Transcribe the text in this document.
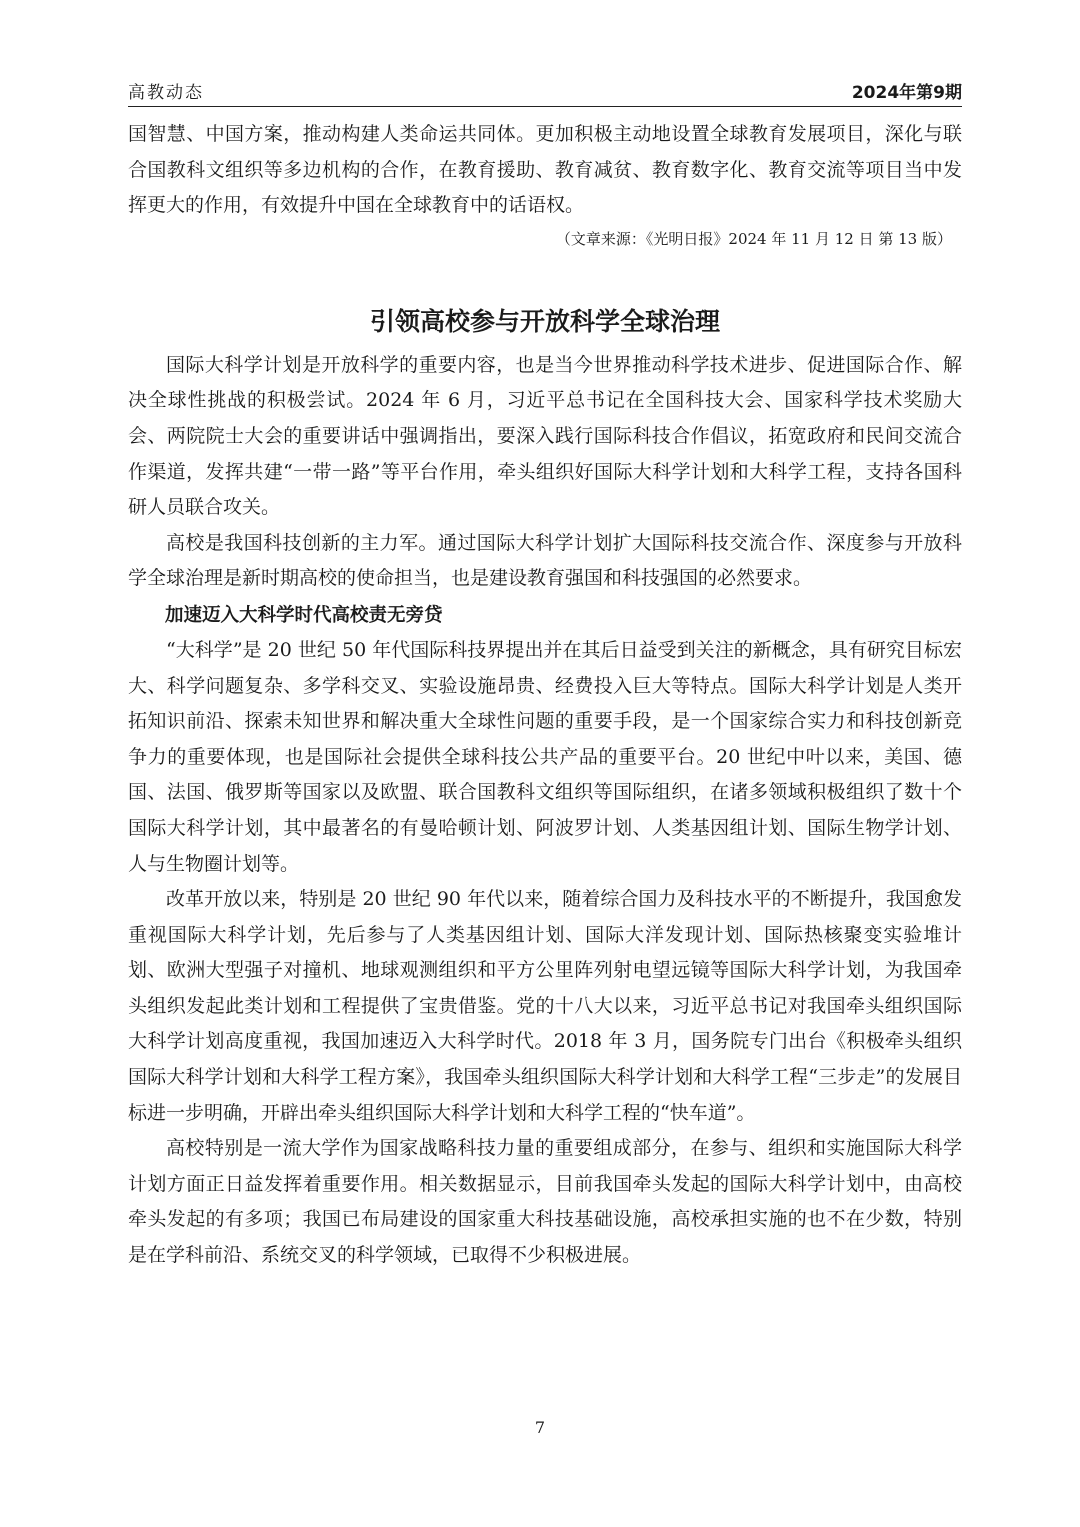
高教动态	2024年第9期

国智慧、中国方案，推动构建人类命运共同体。更加积极主动地设置全球教育发展项目，深化与联合国教科文组织等多边机构的合作，在教育援助、教育减贫、教育数字化、教育交流等项目当中发挥更大的作用，有效提升中国在全球教育中的话语权。

（文章来源：《光明日报》2024 年 11 月 12 日 第 13 版）

引领高校参与开放科学全球治理

国际大科学计划是开放科学的重要内容，也是当今世界推动科学技术进步、促进国际合作、解决全球性挑战的积极尝试。2024 年 6 月，习近平总书记在全国科技大会、国家科学技术奖励大会、两院院士大会的重要讲话中强调指出，要深入践行国际科技合作倡议，拓宽政府和民间交流合作渠道，发挥共建“一带一路”等平台作用，牵头组织好国际大科学计划和大科学工程，支持各国科研人员联合攻关。

高校是我国科技创新的主力军。通过国际大科学计划扩大国际科技交流合作、深度参与开放科学全球治理是新时期高校的使命担当，也是建设教育强国和科技强国的必然要求。

加速迈入大科学时代高校责无旁贷

“大科学”是 20 世纪 50 年代国际科技界提出并在其后日益受到关注的新概念，具有研究目标宏大、科学问题复杂、多学科交叉、实验设施昂贵、经费投入巨大等特点。国际大科学计划是人类开拓知识前沿、探索未知世界和解决重大全球性问题的重要手段，是一个国家综合实力和科技创新竞争力的重要体现，也是国际社会提供全球科技公共产品的重要平台。20 世纪中叶以来，美国、德国、法国、俄罗斯等国家以及欧盟、联合国教科文组织等国际组织，在诸多领域积极组织了数十个国际大科学计划，其中最著名的有曼哈顿计划、阿波罗计划、人类基因组计划、国际生物学计划、人与生物圈计划等。

改革开放以来，特别是 20 世纪 90 年代以来，随着综合国力及科技水平的不断提升，我国愈发重视国际大科学计划，先后参与了人类基因组计划、国际大洋发现计划、国际热核聚变实验堆计划、欧洲大型强子对撞机、地球观测组织和平方公里阵列射电望远镜等国际大科学计划，为我国牵头组织发起此类计划和工程提供了宝贵借鉴。党的十八大以来，习近平总书记对我国牵头组织国际大科学计划高度重视，我国加速迈入大科学时代。2018 年 3 月，国务院专门出台《积极牵头组织国际大科学计划和大科学工程方案》，我国牵头组织国际大科学计划和大科学工程“三步走”的发展目标进一步明确，开辟出牵头组织国际大科学计划和大科学工程的“快车道”。

高校特别是一流大学作为国家战略科技力量的重要组成部分，在参与、组织和实施国际大科学计划方面正日益发挥着重要作用。相关数据显示，目前我国牵头发起的国际大科学计划中，由高校牵头发起的有多项；我国已布局建设的国家重大科技基础设施，高校承担实施的也不在少数，特别是在学科前沿、系统交叉的科学领域，已取得不少积极进展。

7
